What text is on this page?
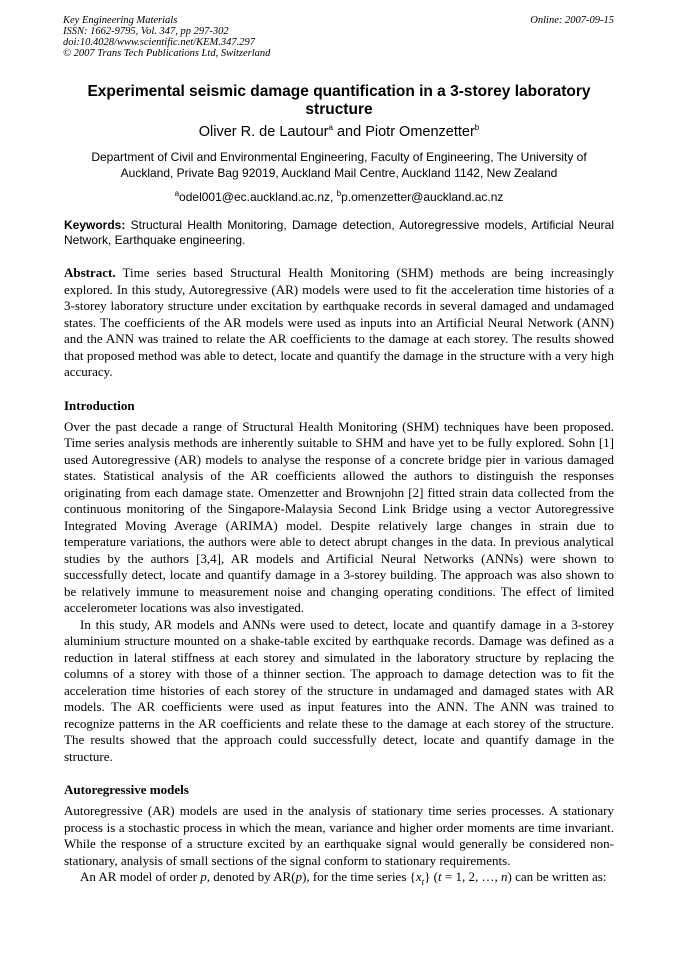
Key Engineering Materials
ISSN: 1662-9795, Vol. 347, pp 297-302
doi:10.4028/www.scientific.net/KEM.347.297
© 2007 Trans Tech Publications Ltd, Switzerland
Online: 2007-09-15
Experimental seismic damage quantification in a 3-storey laboratory structure
Oliver R. de Lautour$^a$ and Piotr Omenzetter$^b$
Department of Civil and Environmental Engineering, Faculty of Engineering, The University of Auckland, Private Bag 92019, Auckland Mail Centre, Auckland 1142, New Zealand
$^a$odel001@ec.auckland.ac.nz, $^b$p.omenzetter@auckland.ac.nz
Keywords: Structural Health Monitoring, Damage detection, Autoregressive models, Artificial Neural Network, Earthquake engineering.

Abstract. Time series based Structural Health Monitoring (SHM) methods are being increasingly explored. In this study, Autoregressive (AR) models were used to fit the acceleration time histories of a 3-storey laboratory structure under excitation by earthquake records in several damaged and undamaged states. The coefficients of the AR models were used as inputs into an Artificial Neural Network (ANN) and the ANN was trained to relate the AR coefficients to the damage at each storey. The results showed that proposed method was able to detect, locate and quantify the damage in the structure with a very high accuracy.

Introduction

Over the past decade a range of Structural Health Monitoring (SHM) techniques have been proposed. Time series analysis methods are inherently suitable to SHM and have yet to be fully explored. Sohn [1] used Autoregressive (AR) models to analyse the response of a concrete bridge pier in various damaged states. Statistical analysis of the AR coefficients allowed the authors to distinguish the responses originating from each damage state. Omenzetter and Brownjohn [2] fitted strain data collected from the continuous monitoring of the Singapore-Malaysia Second Link Bridge using a vector Autoregressive Integrated Moving Average (ARIMA) model. Despite relatively large changes in strain due to temperature variations, the authors were able to detect abrupt changes in the data. In previous analytical studies by the authors [3,4], AR models and Artificial Neural Networks (ANNs) were shown to successfully detect, locate and quantify damage in a 3-storey building. The approach was also shown to be relatively immune to measurement noise and changing operating conditions. The effect of limited accelerometer locations was also investigated.

In this study, AR models and ANNs were used to detect, locate and quantify damage in a 3-storey aluminium structure mounted on a shake-table excited by earthquake records. Damage was defined as a reduction in lateral stiffness at each storey and simulated in the laboratory structure by replacing the columns of a storey with those of a thinner section. The approach to damage detection was to fit the acceleration time histories of each storey of the structure in undamaged and damaged states with AR models. The AR coefficients were used as input features into the ANN. The ANN was trained to recognize patterns in the AR coefficients and relate these to the damage at each storey of the structure. The results showed that the approach could successfully detect, locate and quantify damage in the structure.

Autoregressive models

Autoregressive (AR) models are used in the analysis of stationary time series processes. A stationary process is a stochastic process in which the mean, variance and higher order moments are time invariant. While the response of a structure excited by an earthquake signal would generally be considered non-stationary, analysis of small sections of the signal conform to stationary requirements.

An AR model of order p, denoted by AR(p), for the time series $\{x_t\} (t = 1$, 2, …, n) can be written as:
